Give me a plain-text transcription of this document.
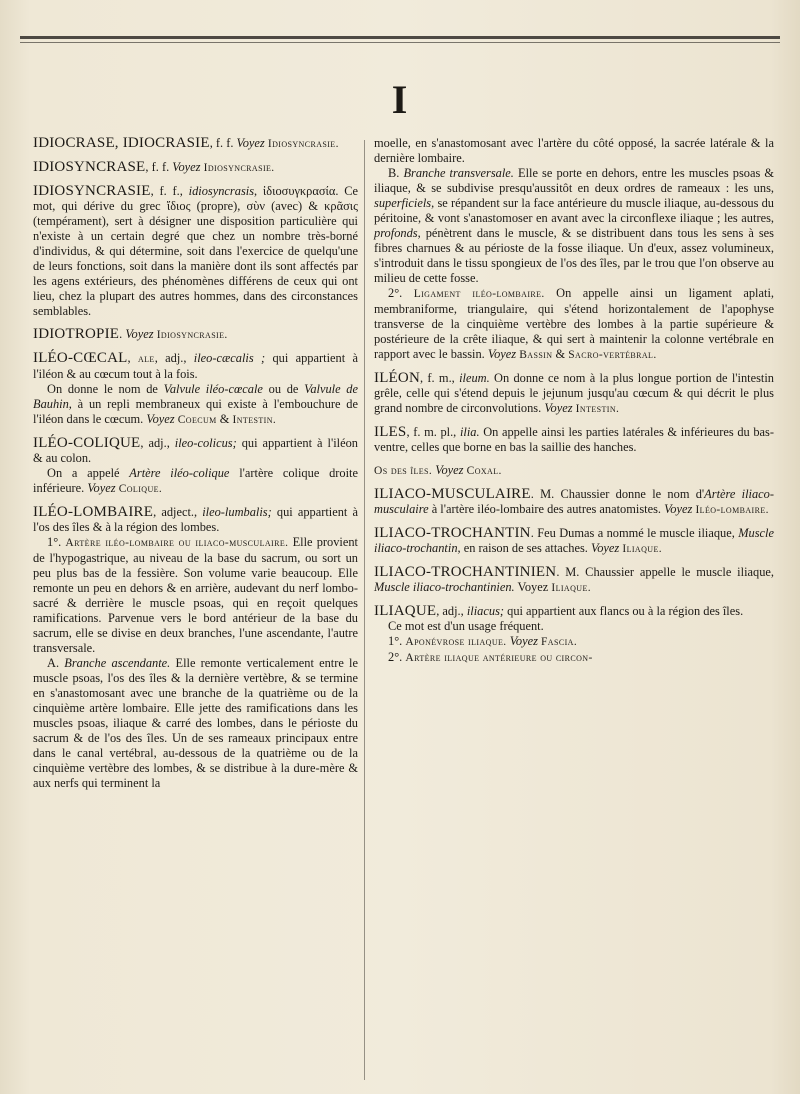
I

IDIOCRASE, IDIOCRASIE, f. f. Voyez Idiosyncrasie.

IDIOSYNCRASE, f. f. Voyez Idiosyncrasie.

IDIOSYNCRASIE, f. f., idiosyncrasis, ἰδιοσυγκρασία. Ce mot, qui dérive du grec ἴδιος (propre), σὺν (avec) & κρᾶσις (tempérament), sert à désigner une disposition particulière qui n'existe à un certain degré que chez un nombre très-borné d'individus, & qui détermine, soit dans l'exercice de quelqu'une de leurs fonctions, soit dans la manière dont ils sont affectés par les agens extérieurs, des phénomènes différens de ceux qui ont lieu, chez la plupart des autres hommes, dans des circonstances semblables.

IDIOTROPIE. Voyez Idiosyncrasie.

ILÉO-CŒCAL, ale, adj., ileo-cæcalis ; qui appartient à l'iléon & au cœcum tout à la fois.

On donne le nom de Valvule iléo-cœcale ou de Valvule de Bauhin, à un repli membraneux qui existe à l'embouchure de l'iléon dans le cœcum. Voyez Coecum & Intestin.

ILÉO-COLIQUE, adj., ileo-colicus; qui appartient à l'iléon & au colon.

On a appelé Artère iléo-colique l'artère colique droite inférieure. Voyez Colique.

ILÉO-LOMBAIRE, adject., ileo-lumbalis; qui appartient à l'os des îles & à la région des lombes.

1°. Artère iléo-lombaire ou iliaco-musculaire. Elle provient de l'hypogastrique, au niveau de la base du sacrum, ou sort un peu plus bas de la fessière. Son volume varie beaucoup. Elle remonte un peu en dehors & en arrière, audevant du nerf lombo-sacré & derrière le muscle psoas, qui en reçoit quelques ramifications. Parvenue vers le bord antérieur de la base du sacrum, elle se divise en deux branches, l'une ascendante, l'autre transversale.

A. Branche ascendante. Elle remonte verticalement entre le muscle psoas, l'os des îles & la dernière vertèbre, & se termine en s'anastomosant avec une branche de la quatrième ou de la cinquième artère lombaire. Elle jette des ramifications dans les muscles psoas, iliaque & carré des lombes, dans le périoste du sacrum & de l'os des îles. Un de ses rameaux principaux entre dans le canal vertébral, au-dessous de la quatrième ou de la cinquième vertèbre des lombes, & se distribue à la dure-mère & aux nerfs qui terminent la

moelle, en s'anastomosant avec l'artère du côté opposé, la sacrée latérale & la dernière lombaire.

B. Branche transversale. Elle se porte en dehors, entre les muscles psoas & iliaque, & se subdivise presqu'aussitôt en deux ordres de rameaux : les uns, superficiels, se répandent sur la face antérieure du muscle iliaque, au-dessous du péritoine, & vont s'anastomoser en avant avec la circonflexe iliaque ; les autres, profonds, pénètrent dans le muscle, & se distribuent dans tous les sens à ses fibres charnues & au périoste de la fosse iliaque. Un d'eux, assez volumineux, s'introduit dans le tissu spongieux de l'os des îles, par le trou que l'on observe au milieu de cette fosse.

2°. Ligament iléo-lombaire. On appelle ainsi un ligament aplati, membraniforme, triangulaire, qui s'étend horizontalement de l'apophyse transverse de la cinquième vertèbre des lombes à la partie supérieure & postérieure de la crête iliaque, & qui sert à maintenir la colonne vertébrale en rapport avec le bassin. Voyez Bassin & Sacro-vertébral.

ILÉON, f. m., ileum. On donne ce nom à la plus longue portion de l'intestin grêle, celle qui s'étend depuis le jejunum jusqu'au cœcum & qui décrit le plus grand nombre de circonvolutions. Voyez Intestin.

ILES, f. m. pl., ilia. On appelle ainsi les parties latérales & inférieures du bas-ventre, celles que borne en bas la saillie des hanches.

Os des îles. Voyez Coxal.

ILIACO-MUSCULAIRE. M. Chaussier donne le nom d'Artère iliaco-musculaire à l'artère iléo-lombaire des autres anatomistes. Voyez Iléo-lombaire.

ILIACO-TROCHANTIN. Feu Dumas a nommé le muscle iliaque, Muscle iliaco-trochantin, en raison de ses attaches. Voyez Iliaque.

ILIACO-TROCHANTINIEN. M. Chaussier appelle le muscle iliaque, Muscle iliaco-trochantinien. Voyez Iliaque.

ILIAQUE, adj., iliacus; qui appartient aux flancs ou à la région des îles.

Ce mot est d'un usage fréquent.

1°. Aponévrose iliaque. Voyez Fascia.

2°. Artère iliaque antérieure ou circon-
